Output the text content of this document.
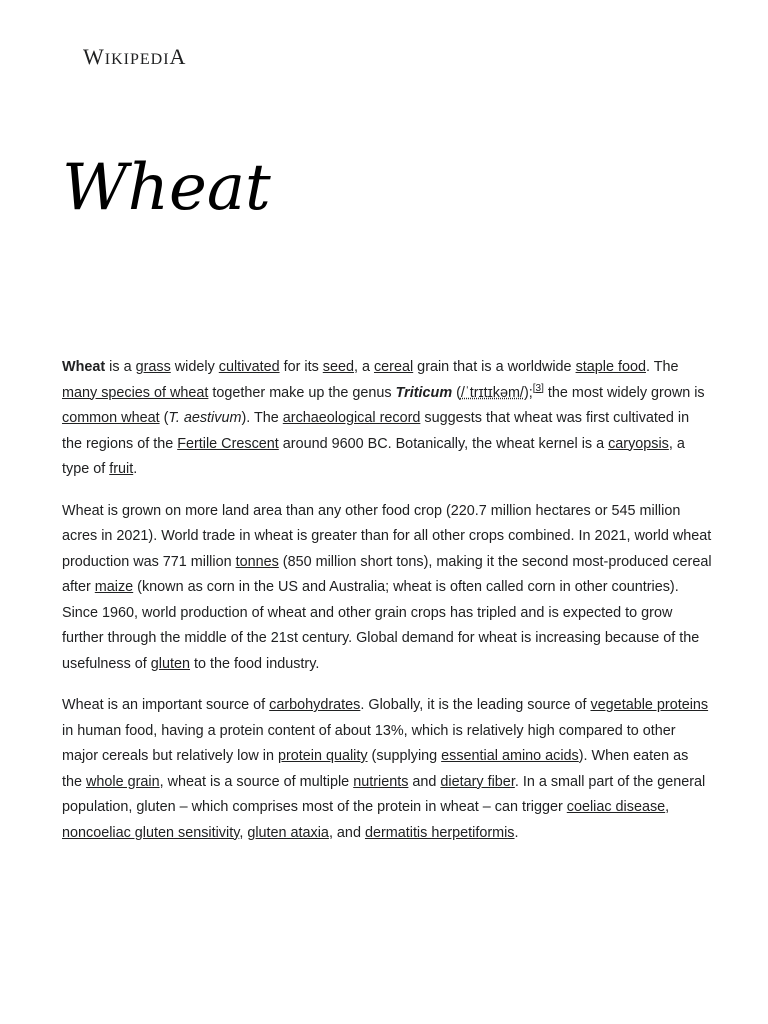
WIKIPEDIA
Wheat

Wheat is a grass widely cultivated for its seed, a cereal grain that is a worldwide staple food. The many species of wheat together make up the genus Triticum (/ˈtrɪtɪkəm/);[3] the most widely grown is common wheat (T. aestivum). The archaeological record suggests that wheat was first cultivated in the regions of the Fertile Crescent around 9600 BC. Botanically, the wheat kernel is a caryopsis, a type of fruit.

Wheat is grown on more land area than any other food crop (220.7 million hectares or 545 million acres in 2021). World trade in wheat is greater than for all other crops combined. In 2021, world wheat production was 771 million tonnes (850 million short tons), making it the second most-produced cereal after maize (known as corn in the US and Australia; wheat is often called corn in other countries). Since 1960, world production of wheat and other grain crops has tripled and is expected to grow further through the middle of the 21st century. Global demand for wheat is increasing because of the usefulness of gluten to the food industry.

Wheat is an important source of carbohydrates. Globally, it is the leading source of vegetable proteins in human food, having a protein content of about 13%, which is relatively high compared to other major cereals but relatively low in protein quality (supplying essential amino acids). When eaten as the whole grain, wheat is a source of multiple nutrients and dietary fiber. In a small part of the general population, gluten – which comprises most of the protein in wheat – can trigger coeliac disease, noncoeliac gluten sensitivity, gluten ataxia, and dermatitis herpetiformis.
